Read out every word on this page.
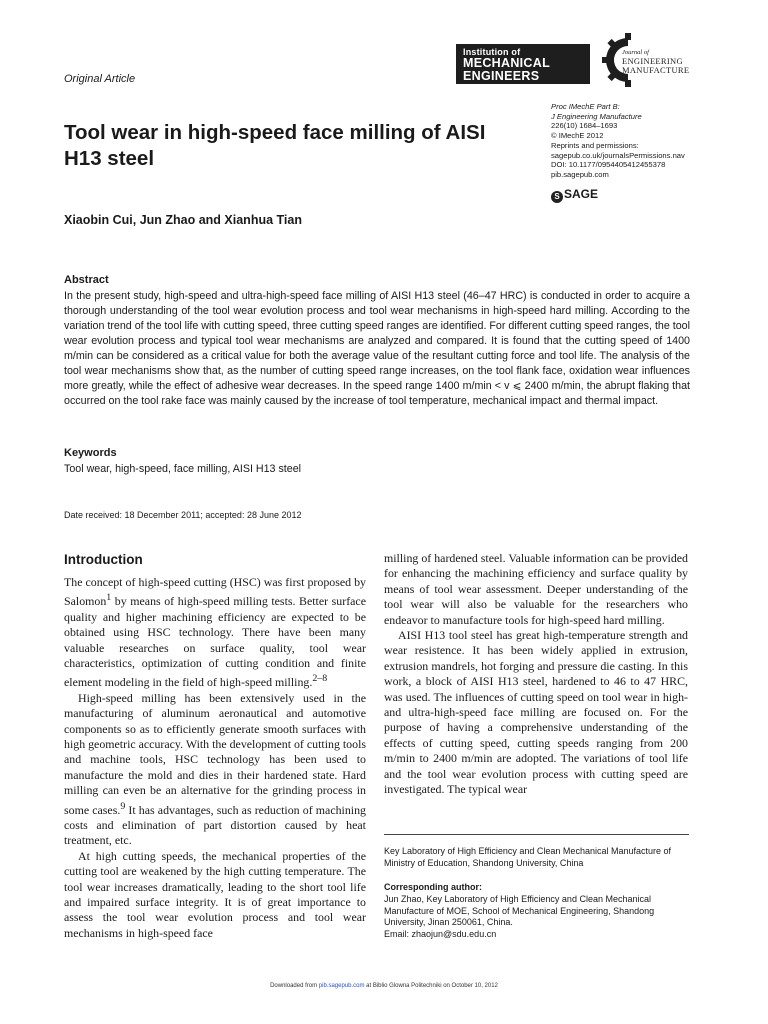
Original Article
Institution of
MECHANICAL
ENGINEERS
Journal of
ENGINEERING
MANUFACTURE
Tool wear in high-speed face milling of AISI H13 steel
Xiaobin Cui, Jun Zhao and Xianhua Tian
Proc IMechE Part B:
J Engineering Manufacture
226(10) 1684–1693
© IMechE 2012
Reprints and permissions:
sagepub.co.uk/journalsPermissions.nav
DOI: 10.1177/0954405412455378
pib.sagepub.com
S SAGE
Abstract

In the present study, high-speed and ultra-high-speed face milling of AISI H13 steel (46–47 HRC) is conducted in order to acquire a thorough understanding of the tool wear evolution process and tool wear mechanisms in high-speed hard milling. According to the variation trend of the tool life with cutting speed, three cutting speed ranges are identified. For different cutting speed ranges, the tool wear evolution process and typical tool wear mechanisms are analyzed and compared. It is found that the cutting speed of 1400 m/min can be considered as a critical value for both the average value of the resultant cutting force and tool life. The analysis of the tool wear mechanisms show that, as the number of cutting speed range increases, on the tool flank face, oxidation wear influences more greatly, while the effect of adhesive wear decreases. In the speed range 1400 m/min < v ⩽ 2400 m/min, the abrupt flaking that occurred on the tool rake face was mainly caused by the increase of tool temperature, mechanical impact and thermal impact.

Keywords
Tool wear, high-speed, face milling, AISI H13 steel
Date received: 18 December 2011; accepted: 28 June 2012
Introduction

The concept of high-speed cutting (HSC) was first proposed by Salomon$^1$ by means of high-speed milling tests. Better surface quality and higher machining efficiency are expected to be obtained using HSC technology. There have been many valuable researches on surface quality, tool wear characteristics, optimization of cutting condition and finite element modeling in the field of high-speed milling.$^{2-8}$

High-speed milling has been extensively used in the manufacturing of aluminum aeronautical and automotive components so as to efficiently generate smooth surfaces with high geometric accuracy. With the development of cutting tools and machine tools, HSC technology has been used to manufacture the mold and dies in their hardened state. Hard milling can even be an alternative for the grinding process in some cases.$^9$ It has advantages, such as reduction of machining costs and elimination of part distortion caused by heat treatment, etc.

At high cutting speeds, the mechanical properties of the cutting tool are weakened by the high cutting temperature. The tool wear increases dramatically, leading to the short tool life and impaired surface integrity. It is of great importance to assess the tool wear evolution process and tool wear mechanisms in high-speed face

milling of hardened steel. Valuable information can be provided for enhancing the machining efficiency and surface quality by means of tool wear assessment. Deeper understanding of the tool wear will also be valuable for the researchers who endeavor to manufacture tools for high-speed hard milling.

AISI H13 tool steel has great high-temperature strength and wear resistence. It has been widely applied in extrusion, extrusion mandrels, hot forging and pressure die casting. In this work, a block of AISI H13 steel, hardened to 46 to 47 HRC, was used. The influences of cutting speed on tool wear in high- and ultra-high-speed face milling are focused on. For the purpose of having a comprehensive understanding of the effects of cutting speed, cutting speeds ranging from 200 m/min to 2400 m/min are adopted. The variations of tool life and the tool wear evolution process with cutting speed are investigated. The typical wear

Key Laboratory of High Efficiency and Clean Mechanical Manufacture of Ministry of Education, Shandong University, China

Corresponding author:
Jun Zhao, Key Laboratory of High Efficiency and Clean Mechanical
Manufacture of MOE, School of Mechanical Engineering, Shandong
University, Jinan 250061, China.
Email: zhaojun@sdu.edu.cn
Downloaded from pib.sagepub.com at Biblio Glowna Politechniki on October 10, 2012
